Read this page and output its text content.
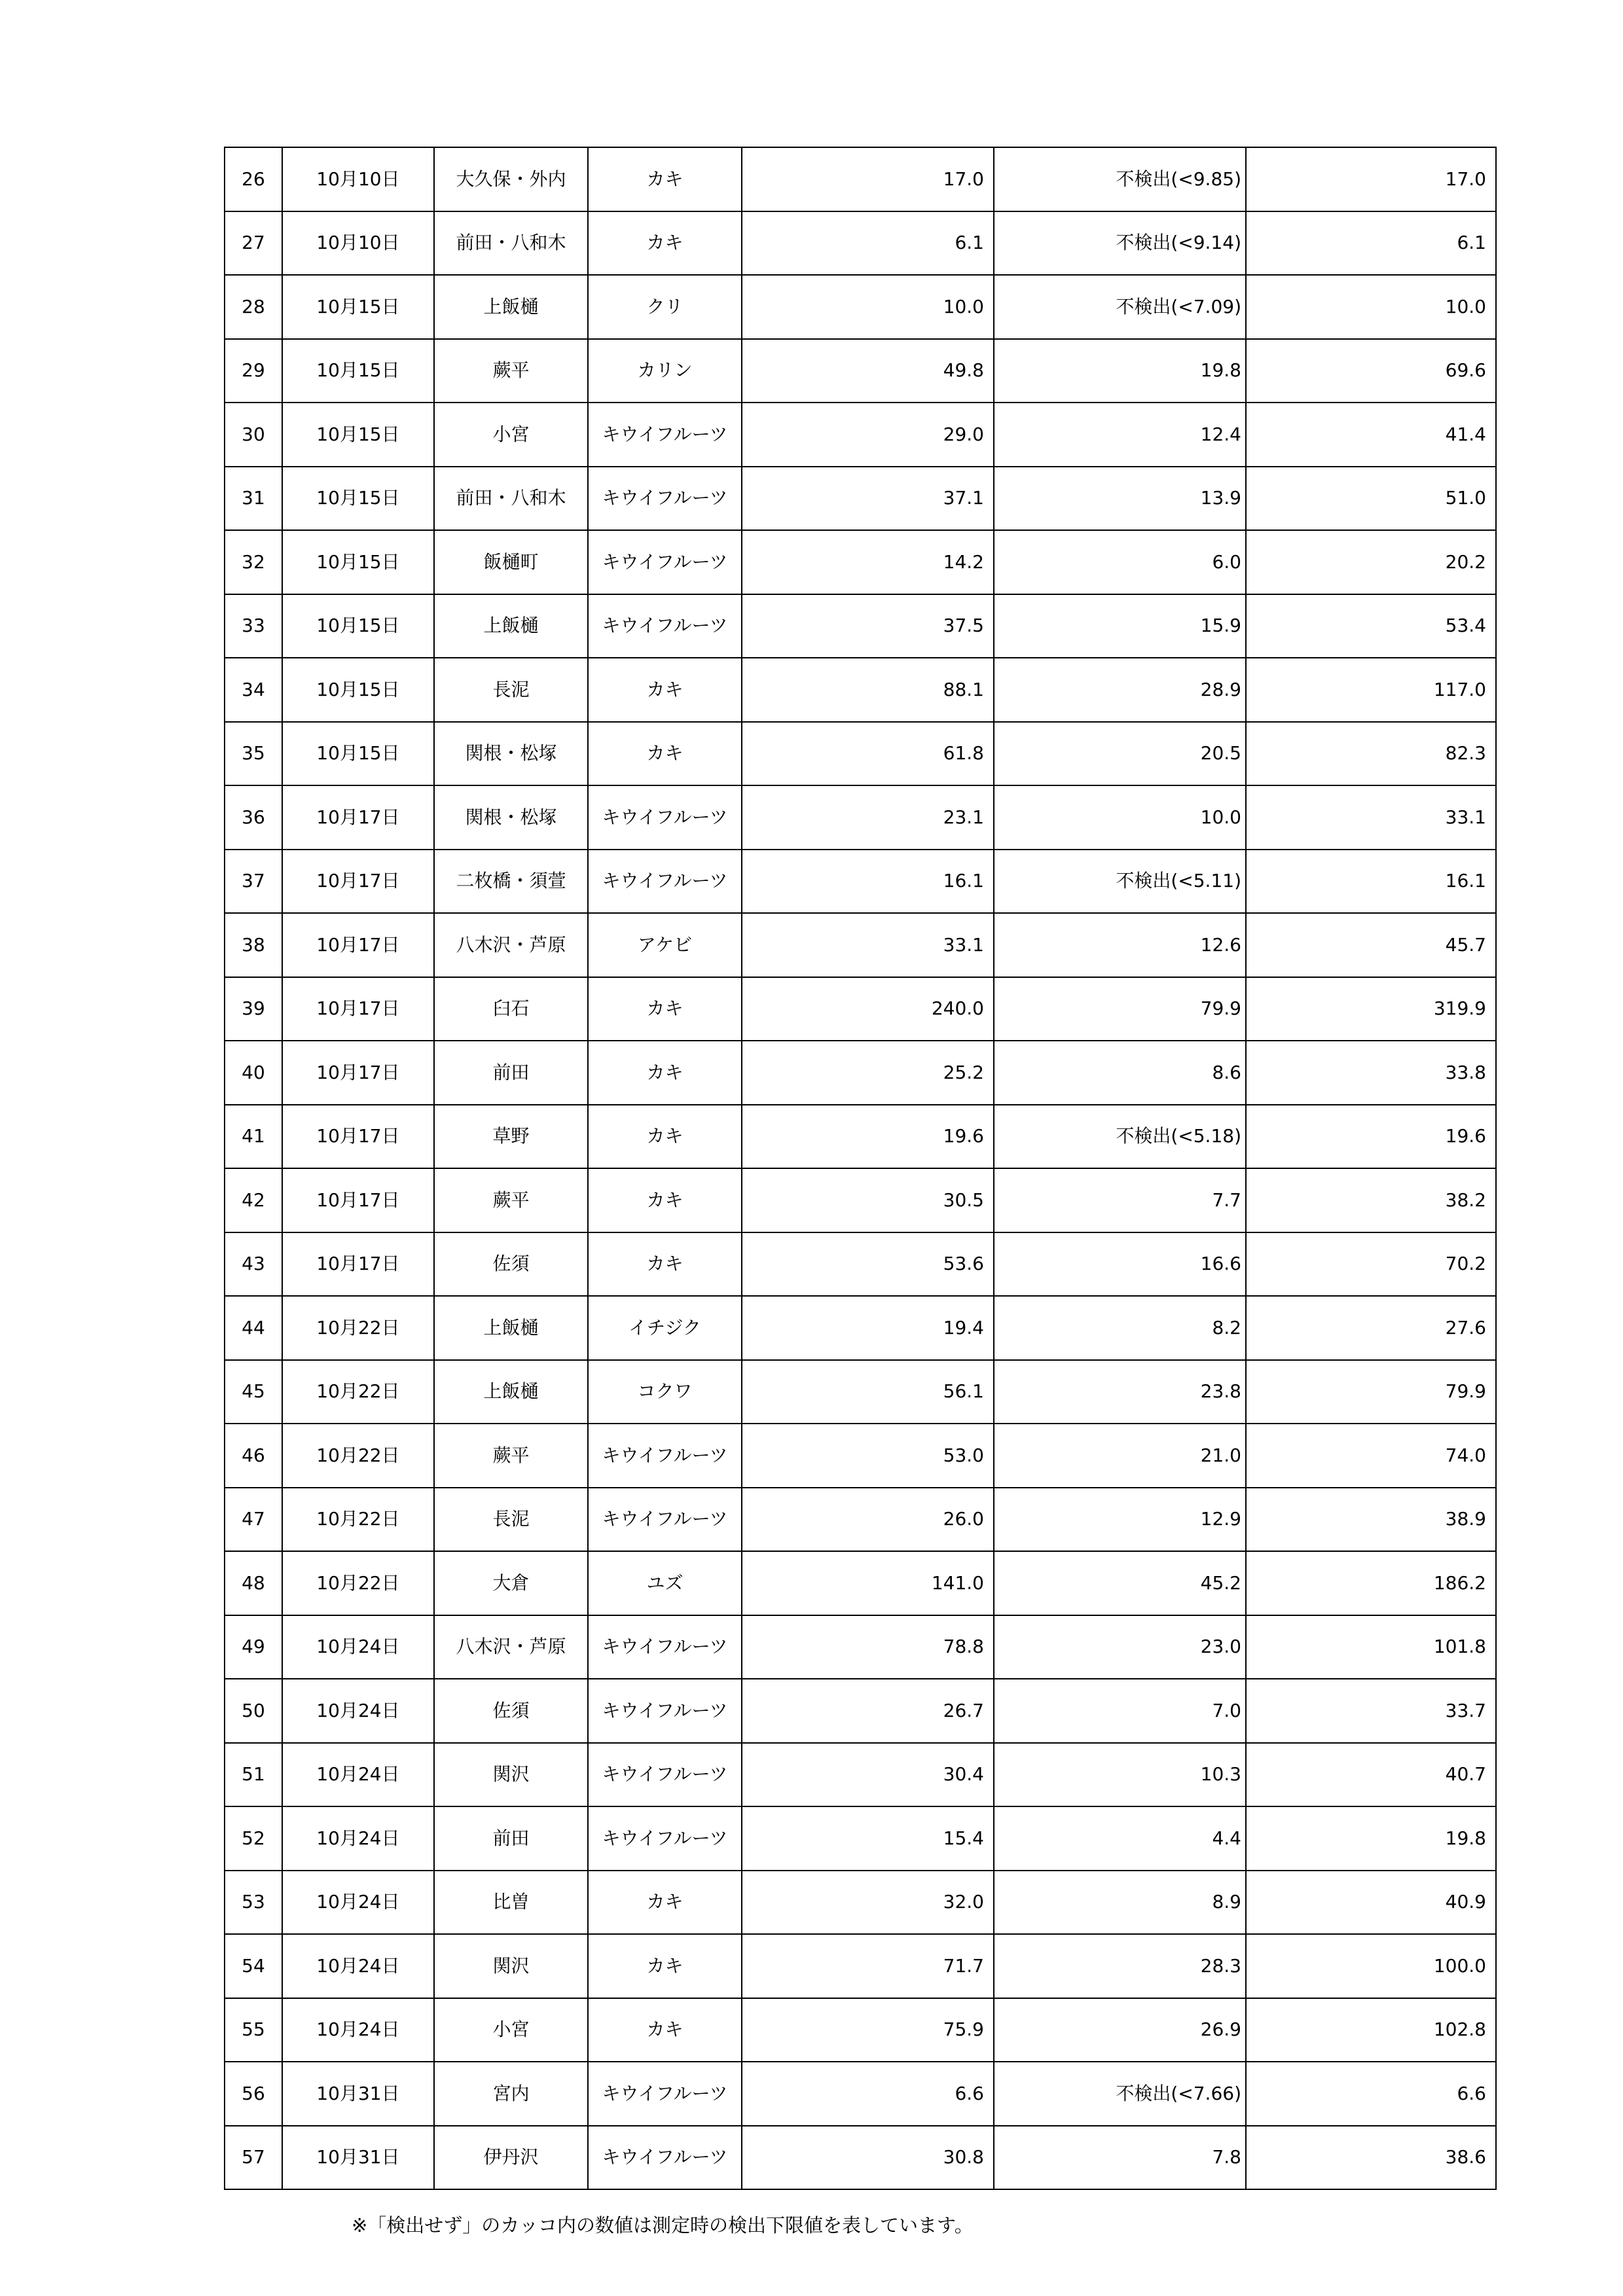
26	10月10日	大久保・外内	カキ	17.0	不検出(<9.85)	17.0
27	10月10日	前田・八和木	カキ	6.1	不検出(<9.14)	6.1
28	10月15日	上飯樋	クリ	10.0	不検出(<7.09)	10.0
29	10月15日	蕨平	カリン	49.8	19.8	69.6
30	10月15日	小宮	キウイフルーツ	29.0	12.4	41.4
31	10月15日	前田・八和木	キウイフルーツ	37.1	13.9	51.0
32	10月15日	飯樋町	キウイフルーツ	14.2	6.0	20.2
33	10月15日	上飯樋	キウイフルーツ	37.5	15.9	53.4
34	10月15日	長泥	カキ	88.1	28.9	117.0
35	10月15日	関根・松塚	カキ	61.8	20.5	82.3
36	10月17日	関根・松塚	キウイフルーツ	23.1	10.0	33.1
37	10月17日	二枚橋・須萱	キウイフルーツ	16.1	不検出(<5.11)	16.1
38	10月17日	八木沢・芦原	アケビ	33.1	12.6	45.7
39	10月17日	臼石	カキ	240.0	79.9	319.9
40	10月17日	前田	カキ	25.2	8.6	33.8
41	10月17日	草野	カキ	19.6	不検出(<5.18)	19.6
42	10月17日	蕨平	カキ	30.5	7.7	38.2
43	10月17日	佐須	カキ	53.6	16.6	70.2
44	10月22日	上飯樋	イチジク	19.4	8.2	27.6
45	10月22日	上飯樋	コクワ	56.1	23.8	79.9
46	10月22日	蕨平	キウイフルーツ	53.0	21.0	74.0
47	10月22日	長泥	キウイフルーツ	26.0	12.9	38.9
48	10月22日	大倉	ユズ	141.0	45.2	186.2
49	10月24日	八木沢・芦原	キウイフルーツ	78.8	23.0	101.8
50	10月24日	佐須	キウイフルーツ	26.7	7.0	33.7
51	10月24日	関沢	キウイフルーツ	30.4	10.3	40.7
52	10月24日	前田	キウイフルーツ	15.4	4.4	19.8
53	10月24日	比曽	カキ	32.0	8.9	40.9
54	10月24日	関沢	カキ	71.7	28.3	100.0
55	10月24日	小宮	カキ	75.9	26.9	102.8
56	10月31日	宮内	キウイフルーツ	6.6	不検出(<7.66)	6.6
57	10月31日	伊丹沢	キウイフルーツ	30.8	7.8	38.6
※「検出せず」のカッコ内の数値は測定時の検出下限値を表しています。
